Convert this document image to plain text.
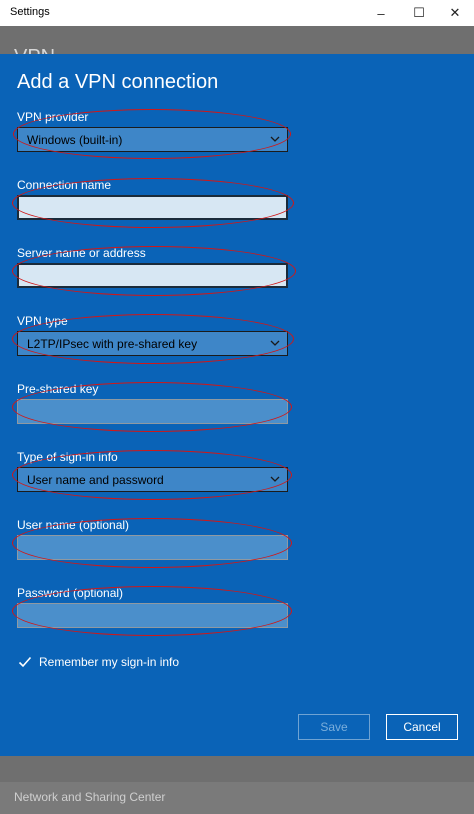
Settings	–	☐	✕
Network and Sharing Center
Add a VPN connection
VPN provider
Windows (built-in)
Connection name
Server name or address
VPN type
L2TP/IPsec with pre-shared key
Pre-shared key
Type of sign-in info
User name and password
User name (optional)
Password (optional)
Remember my sign-in info
Save	Cancel
